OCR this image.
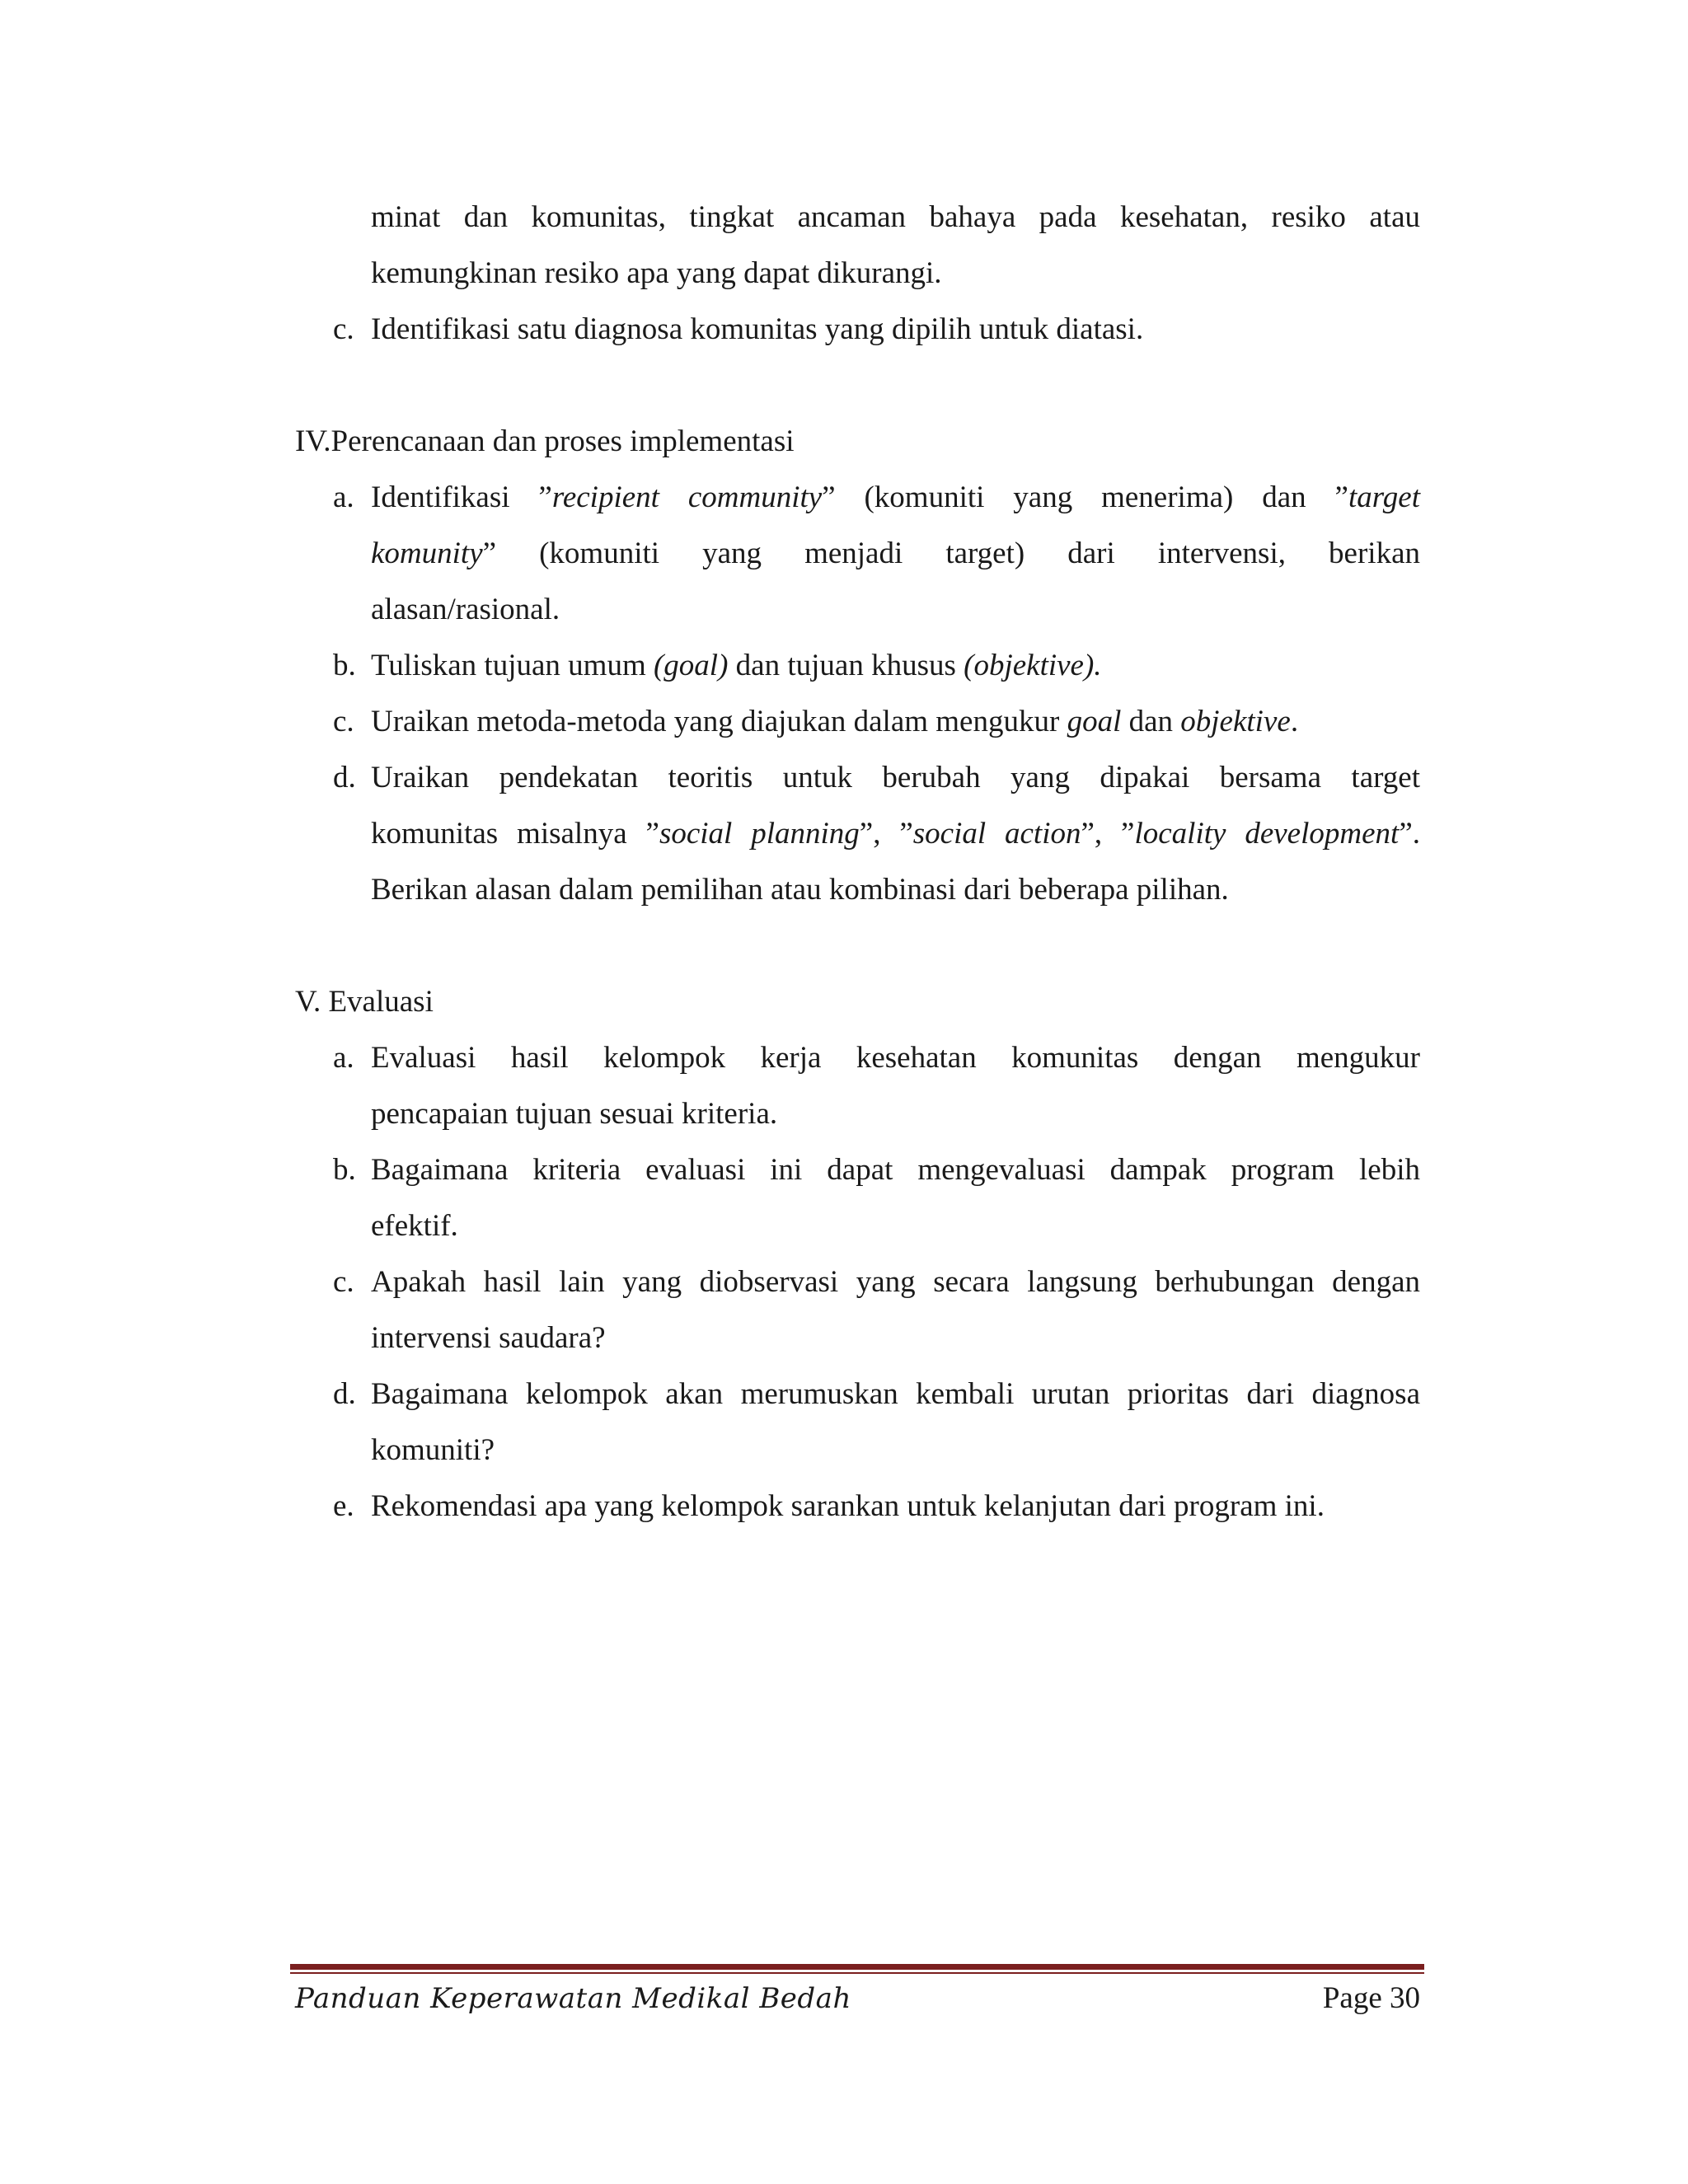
minat dan komunitas, tingkat ancaman bahaya pada kesehatan, resiko atau
kemungkinan resiko apa yang dapat dikurangi.
c. Identifikasi satu diagnosa komunitas yang dipilih untuk diatasi.
IV.Perencanaan dan proses implementasi
a. Identifikasi ”recipient community” (komuniti yang menerima) dan ”target
komunity” (komuniti yang menjadi target) dari intervensi, berikan
alasan/rasional.
b. Tuliskan tujuan umum (goal) dan tujuan khusus (objektive).
c. Uraikan metoda-metoda yang diajukan dalam mengukur goal dan objektive.
d. Uraikan pendekatan teoritis untuk berubah yang dipakai bersama target
komunitas misalnya ”social planning”, ”social action”, ”locality development”.
Berikan alasan dalam pemilihan atau kombinasi dari beberapa pilihan.
V. Evaluasi
a. Evaluasi hasil kelompok kerja kesehatan komunitas dengan mengukur
pencapaian tujuan sesuai kriteria.
b. Bagaimana kriteria evaluasi ini dapat mengevaluasi dampak program lebih
efektif.
c. Apakah hasil lain yang diobservasi yang secara langsung berhubungan dengan
intervensi saudara?
d. Bagaimana kelompok akan merumuskan kembali urutan prioritas dari diagnosa
komuniti?
e. Rekomendasi apa yang kelompok sarankan untuk kelanjutan dari program ini.
Panduan Keperawatan Medikal Bedah	Page 30
